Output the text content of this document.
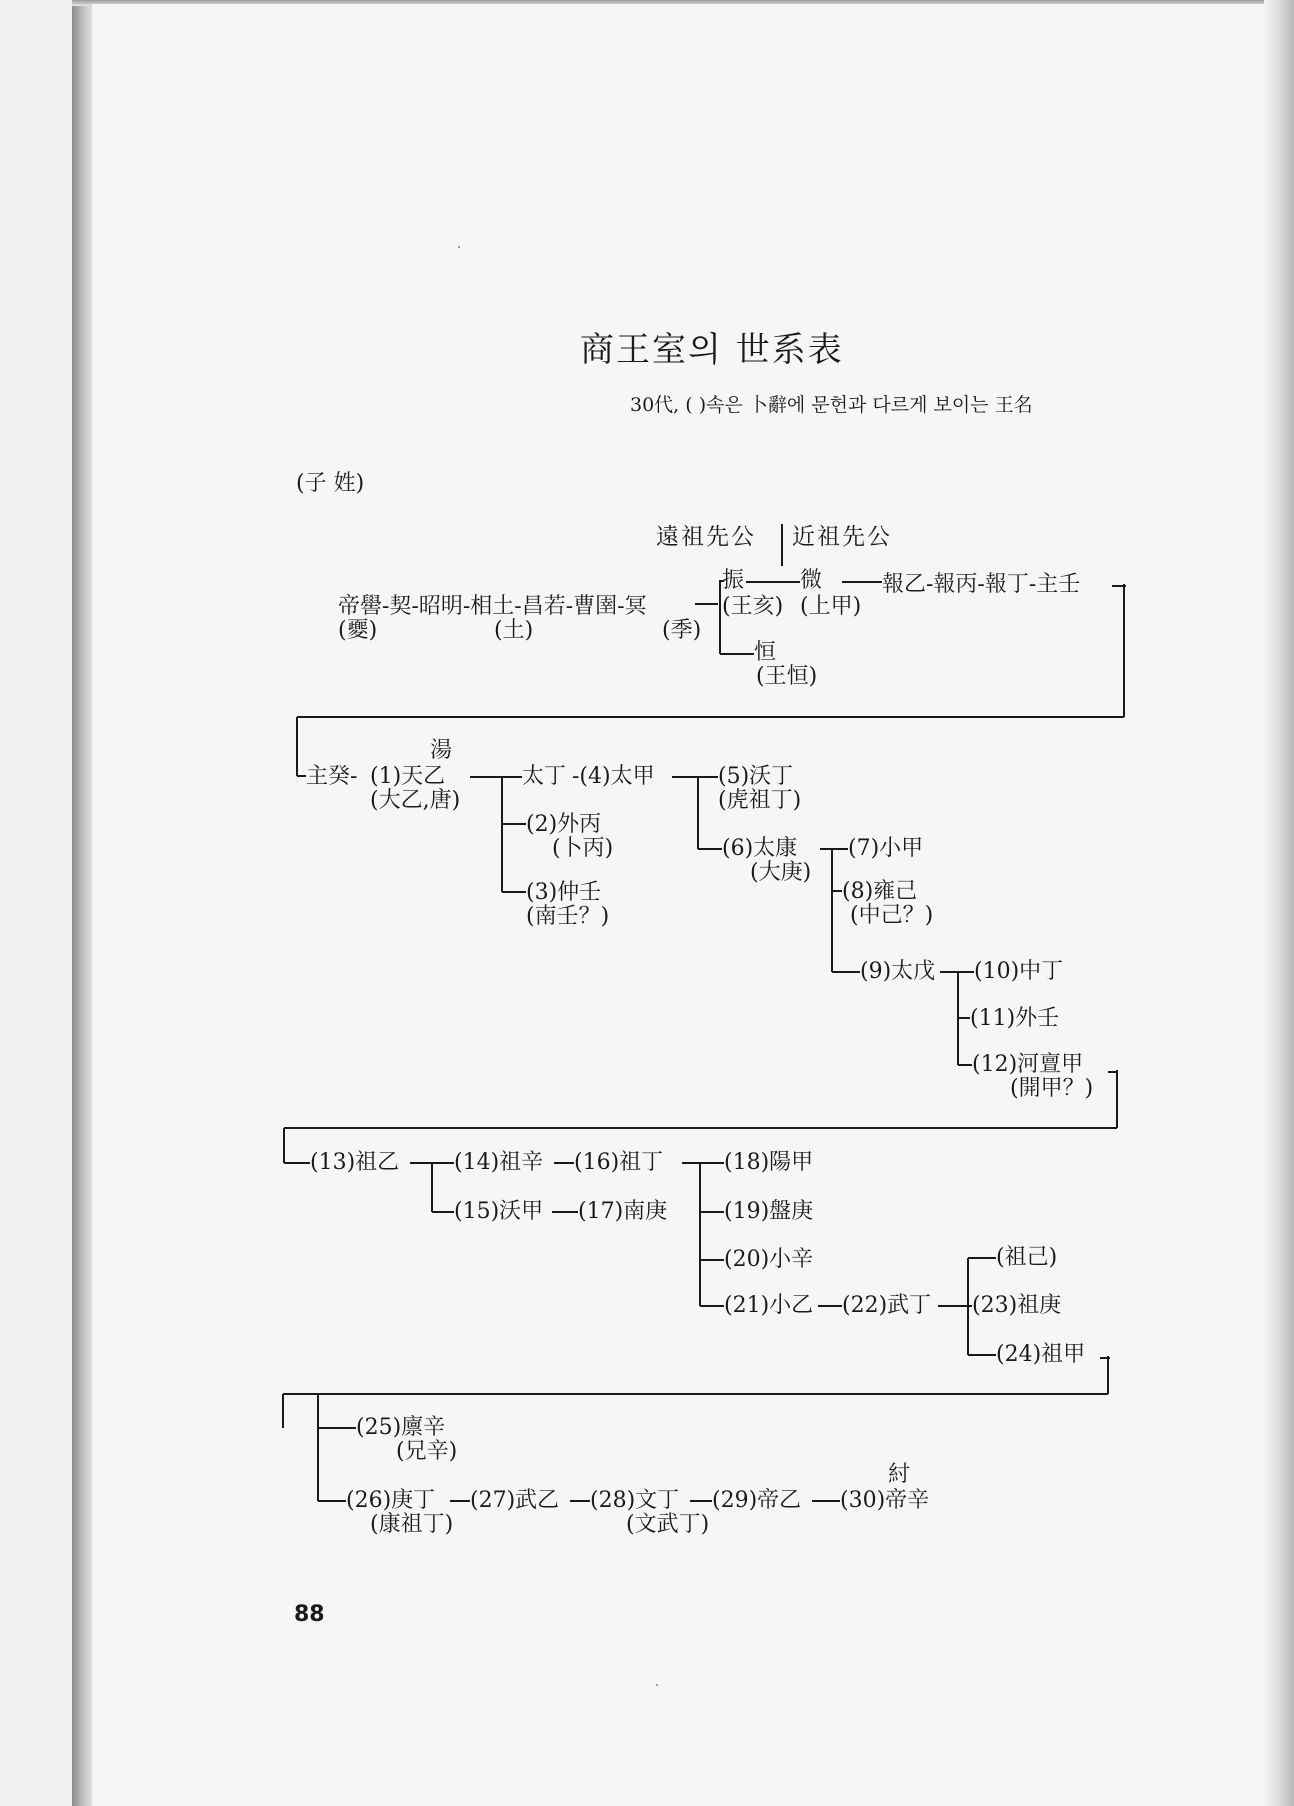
商王室의 世系表
30代, ( )속은 卜辭에 문헌과 다르게 보이는 王名
(子 姓)
遠祖先公 近祖先公
帝嚳-契-昭明-相土-昌若-曹圉-冥
(夒)	(土)	(季)
振
(王亥)
微
(上甲)
報乙-報丙-報丁-主壬
恒
(王恒)
湯
主癸- (1)天乙
(大乙,唐)
太丁 -(4)太甲	(5)沃丁
(虎祖丁)
(2)外丙
(卜丙)
(3)仲壬
(南壬？)
(6)太康
(大庚)
(7)小甲
(8)雍己
(中己？)
(9)太戊 (10)中丁
(11)外壬
(12)河亶甲
(開甲？)
(13)祖乙 (14)祖辛 (16)祖丁
(15)沃甲 (17)南庚
(18)陽甲
(19)盤庚
(20)小辛
(21)小乙 (22)武丁
(祖己)
(23)祖庚
(24)祖甲
(25)廪辛
(兄辛)
(26)庚丁
(康祖丁)
(27)武乙 (28)文丁
(文武丁)
(29)帝乙
紂
(30)帝辛
88
